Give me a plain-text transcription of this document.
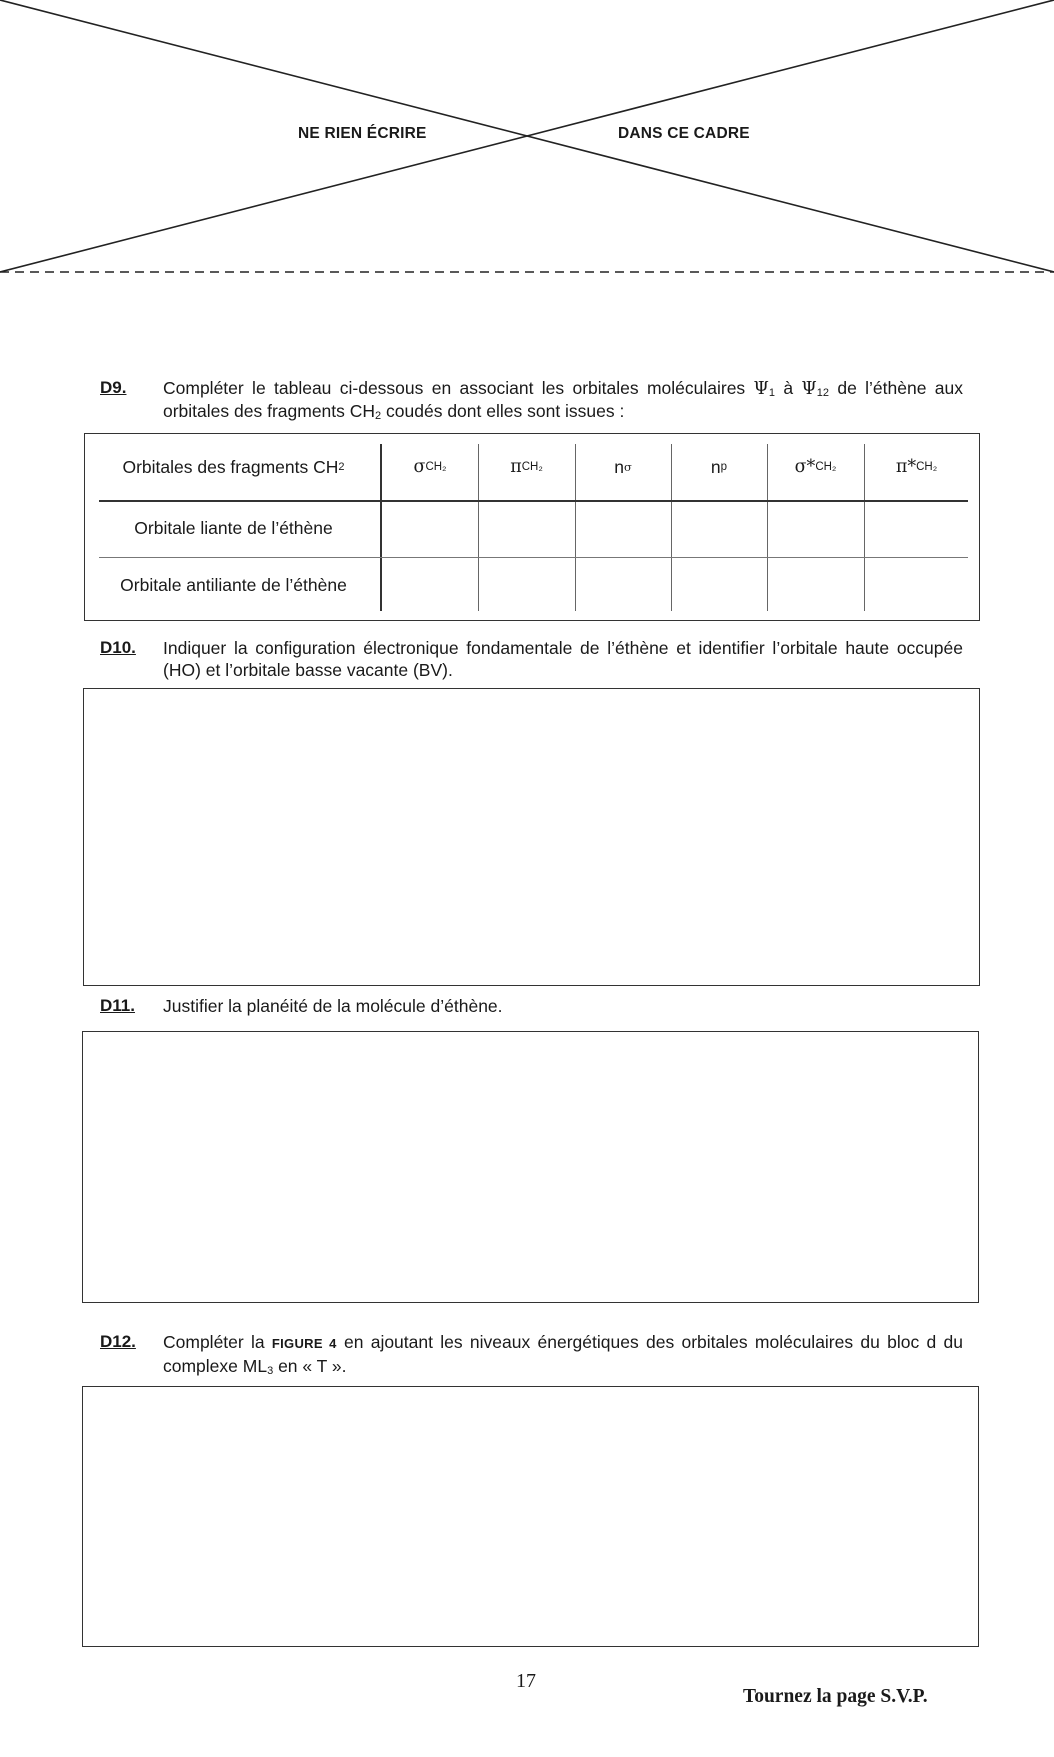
NE RIEN ÉCRIRE	DANS CE CADRE
D9. Compléter le tableau ci-dessous en associant les orbitales moléculaires $\Psi_1$ à $\Psi_{12}$ de l’éthène aux orbitales des fragments $CH_2$ coudés dont elles sont issues :
Orbitales des fragments CH 2	σ CH₂	π CH₂	n σ	n p	σ* CH₂	π* CH₂
Orbitale liante de l’éthène
Orbitale antiliante de l’éthène
D10. Indiquer la configuration électronique fondamentale de l’éthène et identifier l’orbitale haute occupée (HO) et l’orbitale basse vacante (BV).
D11. Justifier la planéité de la molécule d’éthène.
D12. Compléter la FIGURE 4 en ajoutant les niveaux énergétiques des orbitales moléculaires du bloc d du complexe $ML_3$ en « T ».
17
Tournez la page S.V.P.
